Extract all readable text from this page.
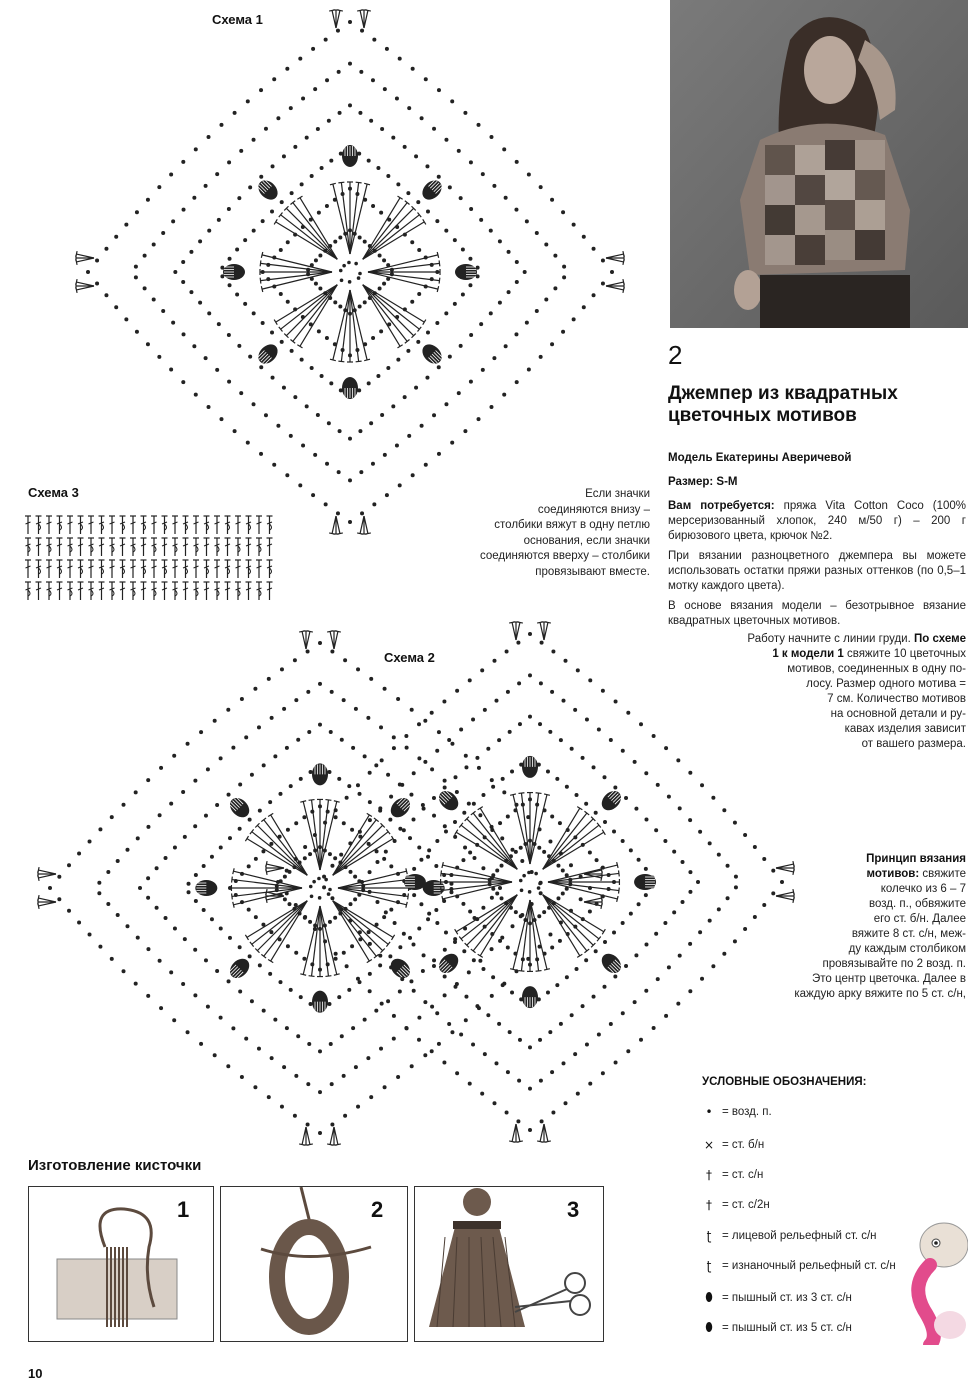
Схема 1
Схема 3	Если значки
соединяются внизу –
столбики вяжут в одну петлю
основания, если значки
соединяются вверху – столбики
провязывают вместе.
Схема 2
2
Джемпер из квадратных
цветочных мотивов
Модель Екатерины Аверичевой
Размер: S-M
Вам потребуется: пряжа Vita Cotton Coco (100% мерсеризованный хлопок, 240 м/50 г) – 200 г бирюзового цвета, крючок №2.
При вязании разноцветного джемпера вы можете использовать остатки пряжи разных оттенков (по 0,5–1 мотку каждого цвета).
В основе вязания модели – безотрывное вязание квадратных цветочных мотивов.
Работу начните с линии груди. По схеме
1 к модели 1 свяжите 10 цветочных
мотивов, соединенных в одну по-
лосу. Размер одного мотива =
7 см. Количество мотивов
на основной детали и ру-
кавах изделия зависит
от вашего размера.
Принцип вязания
мотивов: свяжите
колечко из 6 – 7
возд. п., обвяжите
его ст. б/н. Далее
вяжите 8 ст. с/н, меж-
ду каждым столбиком
провязывайте по 2 возд. п.
Это центр цветочка. Далее в
каждую арку вяжите по 5 ст. с/н,
УСЛОВНЫЕ ОБОЗНАЧЕНИЯ:
• = возд. п.
× = ст. б/н
† = ст. с/н
† = ст. с/2н
ʈ = лицевой рельефный ст. с/н
ʈ = изнаночный рельефный ст. с/н
⬮ = пышный ст. из 3 ст. с/н
⬮ = пышный ст. из 5 ст. с/н
Изготовление кисточки
1	2	3
10
